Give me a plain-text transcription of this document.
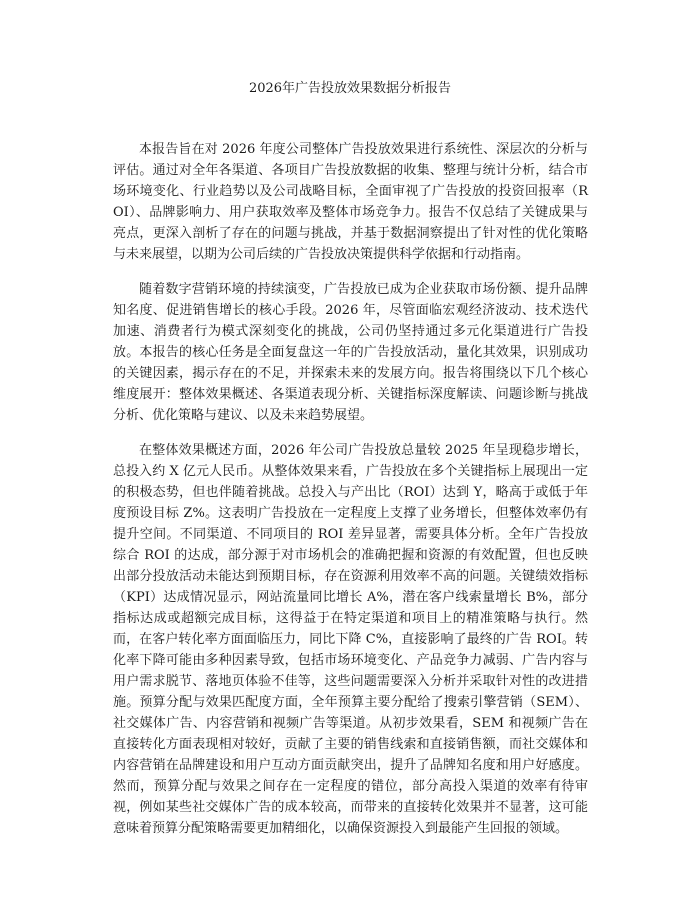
2026年广告投放效果数据分析报告

本报告旨在对 2026 年度公司整体广告投放效果进行系统性、深层次的分析与评估。通过对全年各渠道、各项目广告投放数据的收集、整理与统计分析，结合市场环境变化、行业趋势以及公司战略目标，全面审视了广告投放的投资回报率（ROI）、品牌影响力、用户获取效率及整体市场竞争力。报告不仅总结了关键成果与亮点，更深入剖析了存在的问题与挑战，并基于数据洞察提出了针对性的优化策略与未来展望，以期为公司后续的广告投放决策提供科学依据和行动指南。

随着数字营销环境的持续演变，广告投放已成为企业获取市场份额、提升品牌知名度、促进销售增长的核心手段。2026 年，尽管面临宏观经济波动、技术迭代加速、消费者行为模式深刻变化的挑战，公司仍坚持通过多元化渠道进行广告投放。本报告的核心任务是全面复盘这一年的广告投放活动，量化其效果，识别成功的关键因素，揭示存在的不足，并探索未来的发展方向。报告将围绕以下几个核心维度展开：整体效果概述、各渠道表现分析、关键指标深度解读、问题诊断与挑战分析、优化策略与建议、以及未来趋势展望。

在整体效果概述方面，2026 年公司广告投放总量较 2025 年呈现稳步增长，总投入约 X 亿元人民币。从整体效果来看，广告投放在多个关键指标上展现出一定的积极态势，但也伴随着挑战。总投入与产出比（ROI）达到 Y，略高于或低于年度预设目标 Z%。这表明广告投放在一定程度上支撑了业务增长，但整体效率仍有提升空间。不同渠道、不同项目的 ROI 差异显著，需要具体分析。全年广告投放综合 ROI 的达成，部分源于对市场机会的准确把握和资源的有效配置，但也反映出部分投放活动未能达到预期目标，存在资源利用效率不高的问题。关键绩效指标（KPI）达成情况显示，网站流量同比增长 A%，潜在客户线索量增长 B%，部分指标达成或超额完成目标，这得益于在特定渠道和项目上的精准策略与执行。然而，在客户转化率方面面临压力，同比下降 C%，直接影响了最终的广告 ROI。转化率下降可能由多种因素导致，包括市场环境变化、产品竞争力减弱、广告内容与用户需求脱节、落地页体验不佳等，这些问题需要深入分析并采取针对性的改进措施。预算分配与效果匹配度方面，全年预算主要分配给了搜索引擎营销（SEM）、社交媒体广告、内容营销和视频广告等渠道。从初步效果看，SEM 和视频广告在直接转化方面表现相对较好，贡献了主要的销售线索和直接销售额，而社交媒体和内容营销在品牌建设和用户互动方面贡献突出，提升了品牌知名度和用户好感度。然而，预算分配与效果之间存在一定程度的错位，部分高投入渠道的效率有待审视，例如某些社交媒体广告的成本较高，而带来的直接转化效果并不显著，这可能意味着预算分配策略需要更加精细化，以确保资源投入到最能产生回报的领域。
